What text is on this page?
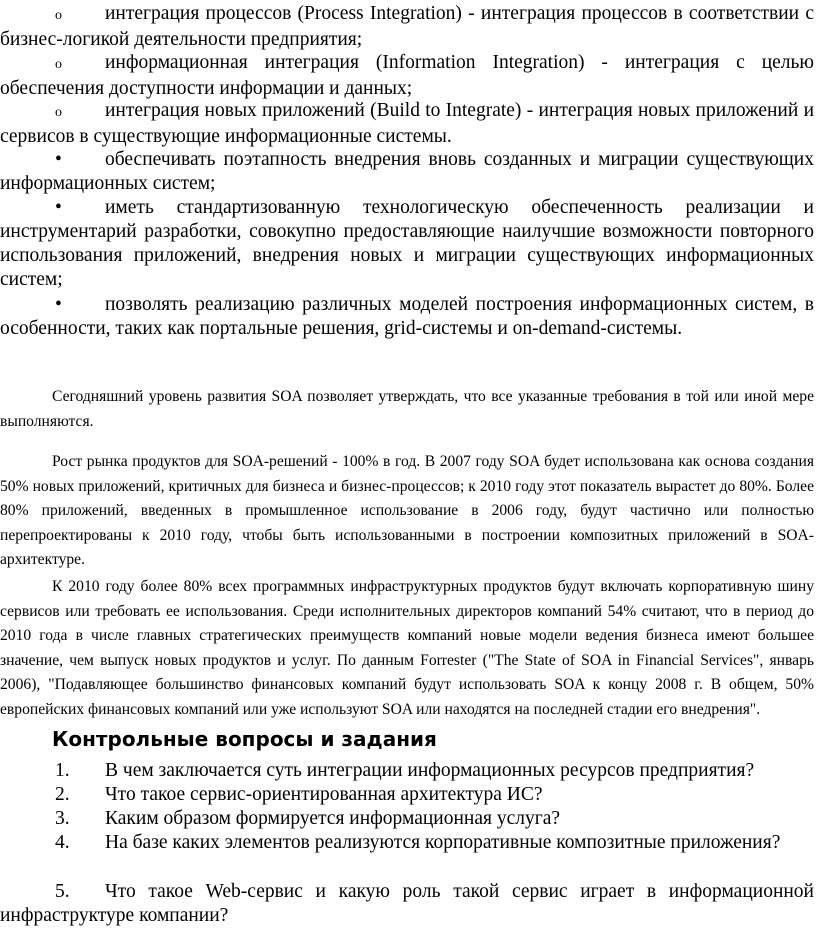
o интеграция процессов (Process Integration) - интеграция процессов в соответствии с бизнес-логикой деятельности предприятия;
o информационная интеграция (Information Integration) - интеграция с целью обеспечения доступности информации и данных;
o интеграция новых приложений (Build to Integrate) - интеграция новых приложений и сервисов в существующие информационные системы.
• обеспечивать поэтапность внедрения вновь созданных и миграции существующих информационных систем;
• иметь стандартизованную технологическую обеспеченность реализации и инструментарий разработки, совокупно предоставляющие наилучшие возможности повторного использования приложений, внедрения новых и миграции существующих информационных систем;
• позволять реализацию различных моделей построения информационных систем, в особенности, таких как портальные решения, grid-системы и on-demand-системы.
Сегодняшний уровень развития SOA позволяет утверждать, что все указанные требования в той или иной мере выполняются.
Рост рынка продуктов для SOA-решений - 100% в год. В 2007 году SOA будет использована как основа создания 50% новых приложений, критичных для бизнеса и бизнес-процессов; к 2010 году этот показатель вырастет до 80%. Более 80% приложений, введенных в промышленное использование в 2006 году, будут частично или полностью перепроектированы к 2010 году, чтобы быть использованными в построении композитных приложений в SOA- архитектуре.
К 2010 году более 80% всех программных инфраструктурных продуктов будут включать корпоративную шину сервисов или требовать ее использования. Среди исполнительных директоров компаний 54% считают, что в период до 2010 года в числе главных стратегических преимуществ компаний новые модели ведения бизнеса имеют большее значение, чем выпуск новых продуктов и услуг. По данным Forrester ("The State of SOA in Financial Services", январь 2006), "Подавляющее большинство финансовых компаний будут использовать SOA к концу 2008 г. В общем, 50% европейских финансовых компаний или уже используют SOA или находятся на последней стадии его внедрения".
Контрольные вопросы и задания
1. В чем заключается суть интеграции информационных ресурсов предприятия?
2. Что такое сервис-ориентированная архитектура ИС?
3. Каким образом формируется информационная услуга?
4. На базе каких элементов реализуются корпоративные композитные приложения?
5. Что такое Web-сервис и какую роль такой сервис играет в информационной инфраструктуре компании?
